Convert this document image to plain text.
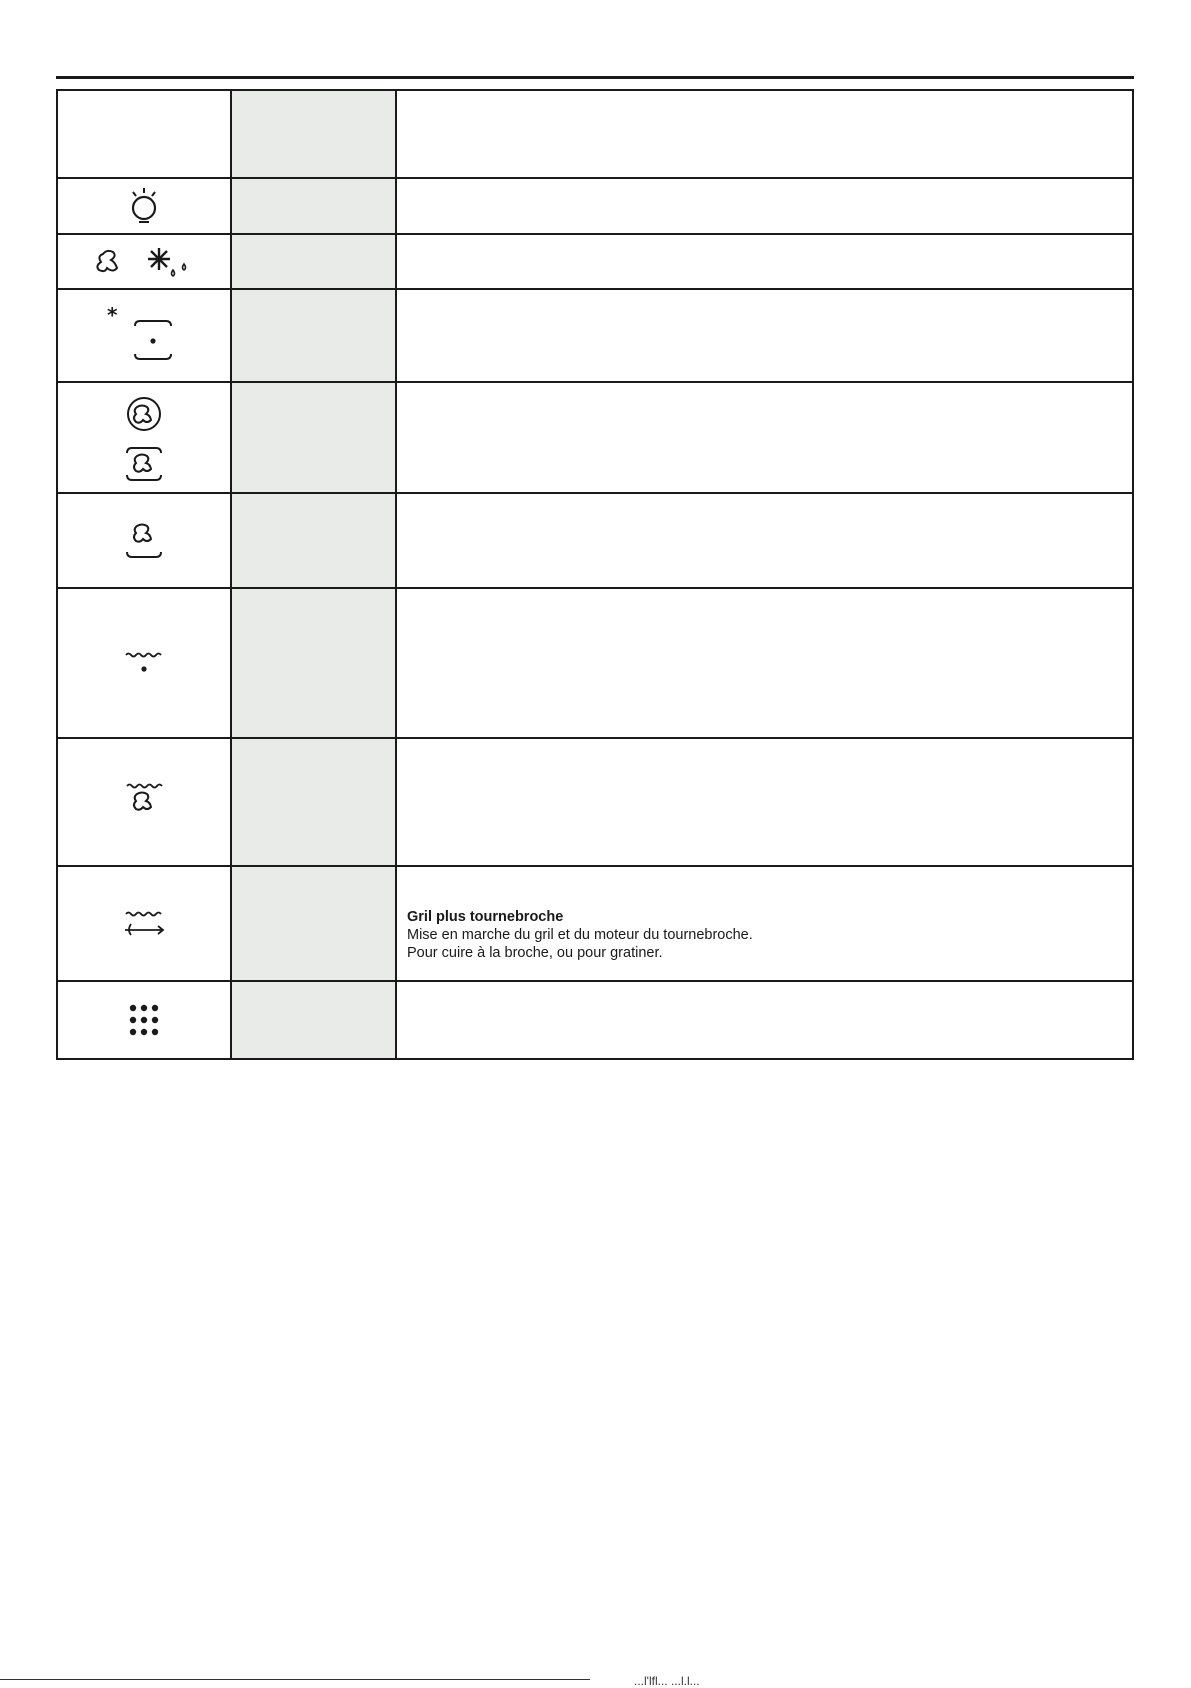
*
Gril plus tournebroche
Mise en marche du gril et du moteur du tournebroche.
Pour cuire à la broche, ou pour gratiner.
...l'lfl... ...l.l...
